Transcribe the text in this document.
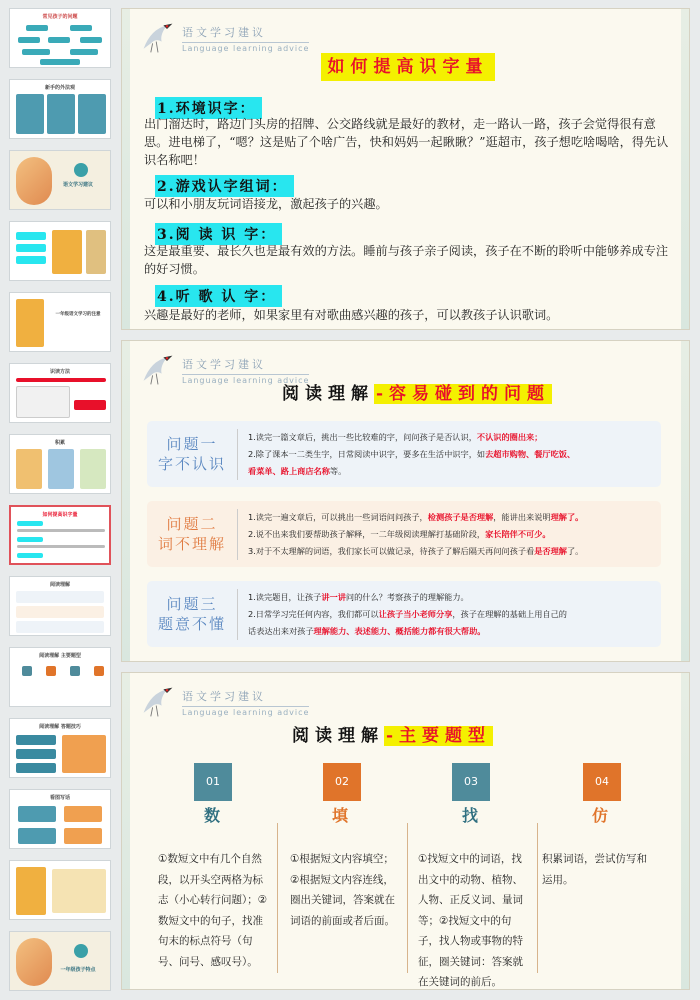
常见孩子的问题
新手的外法观
语文学习建议
一年级语文学习的注意
识读方法
积累
如何提高识字量
阅读理解
阅读理解 主要题型
阅读理解 答题技巧
看图写话
一年级孩子特点
语文学习建议
Language learning advice
如何提高识字量
1.环境识字：
出门溜达时，路边门头房的招牌、公交路线就是最好的教材，走一路认一路，孩子会觉得很有意思。进电梯了，“嗯？这是贴了个啥广告，快和妈妈一起瞅瞅？”逛超市，孩子想吃啥喝啥，得先认识名称吧！
2.游戏认字组词：
可以和小朋友玩词语接龙，激起孩子的兴趣。
3.阅 读 识 字：
这是最重要、最长久也是最有效的方法。睡前与孩子亲子阅读，孩子在不断的聆听中能够养成专注的好习惯。
4.听 歌 认 字：
兴趣是最好的老师，如果家里有对歌曲感兴趣的孩子，可以教孩子认识歌词。
语文学习建议
Language learning advice
阅读理解 -容易碰到的问题
问题一
字不认识
1.读完一篇文章后，挑出一些比较难的字，问问孩子是否认识，不认识的圈出来；
2.除了课本一二类生字，日常阅读中识字，要多在生活中识字，如去超市购物、餐厅吃饭、
看菜单、路上商店名称等。
问题二
词不理解
1.读完一遍文章后，可以挑出一些词语问问孩子，检测孩子是否理解，能讲出来说明理解了。
2.说不出来我们要帮助孩子解释，一二年级阅读理解打基础阶段，家长陪伴不可少。
3.对于不太理解的词语，我们家长可以做记录，待孩子了解后隔天再问问孩子看是否理解了。
问题三
题意不懂
1.读完题目，让孩子讲一讲问的什么？考察孩子的理解能力。
2.日常学习完任何内容，我们都可以让孩子当小老师分享，孩子在理解的基础上用自己的
话表达出来对孩子理解能力、表述能力、概括能力都有很大帮助。
语文学习建议
Language learning advice
阅读理解 -主要题型
01	02	03	04
数	填	找	仿
①数短文中有几个自然段，以开头空两格为标志（小心转行问题）；②数短文中的句子，找准句末的标点符号（句号、问号、感叹号）。
①根据短文内容填空；②根据短文内容连线，圈出关键词，答案就在词语的前面或者后面。
①找短文中的词语，找出文中的动物、植物、人物、正反义词、量词等；②找短文中的句子，找人物或事物的特征，圈关键词：答案就在关键词的前后。
积累词语，尝试仿写和运用。
